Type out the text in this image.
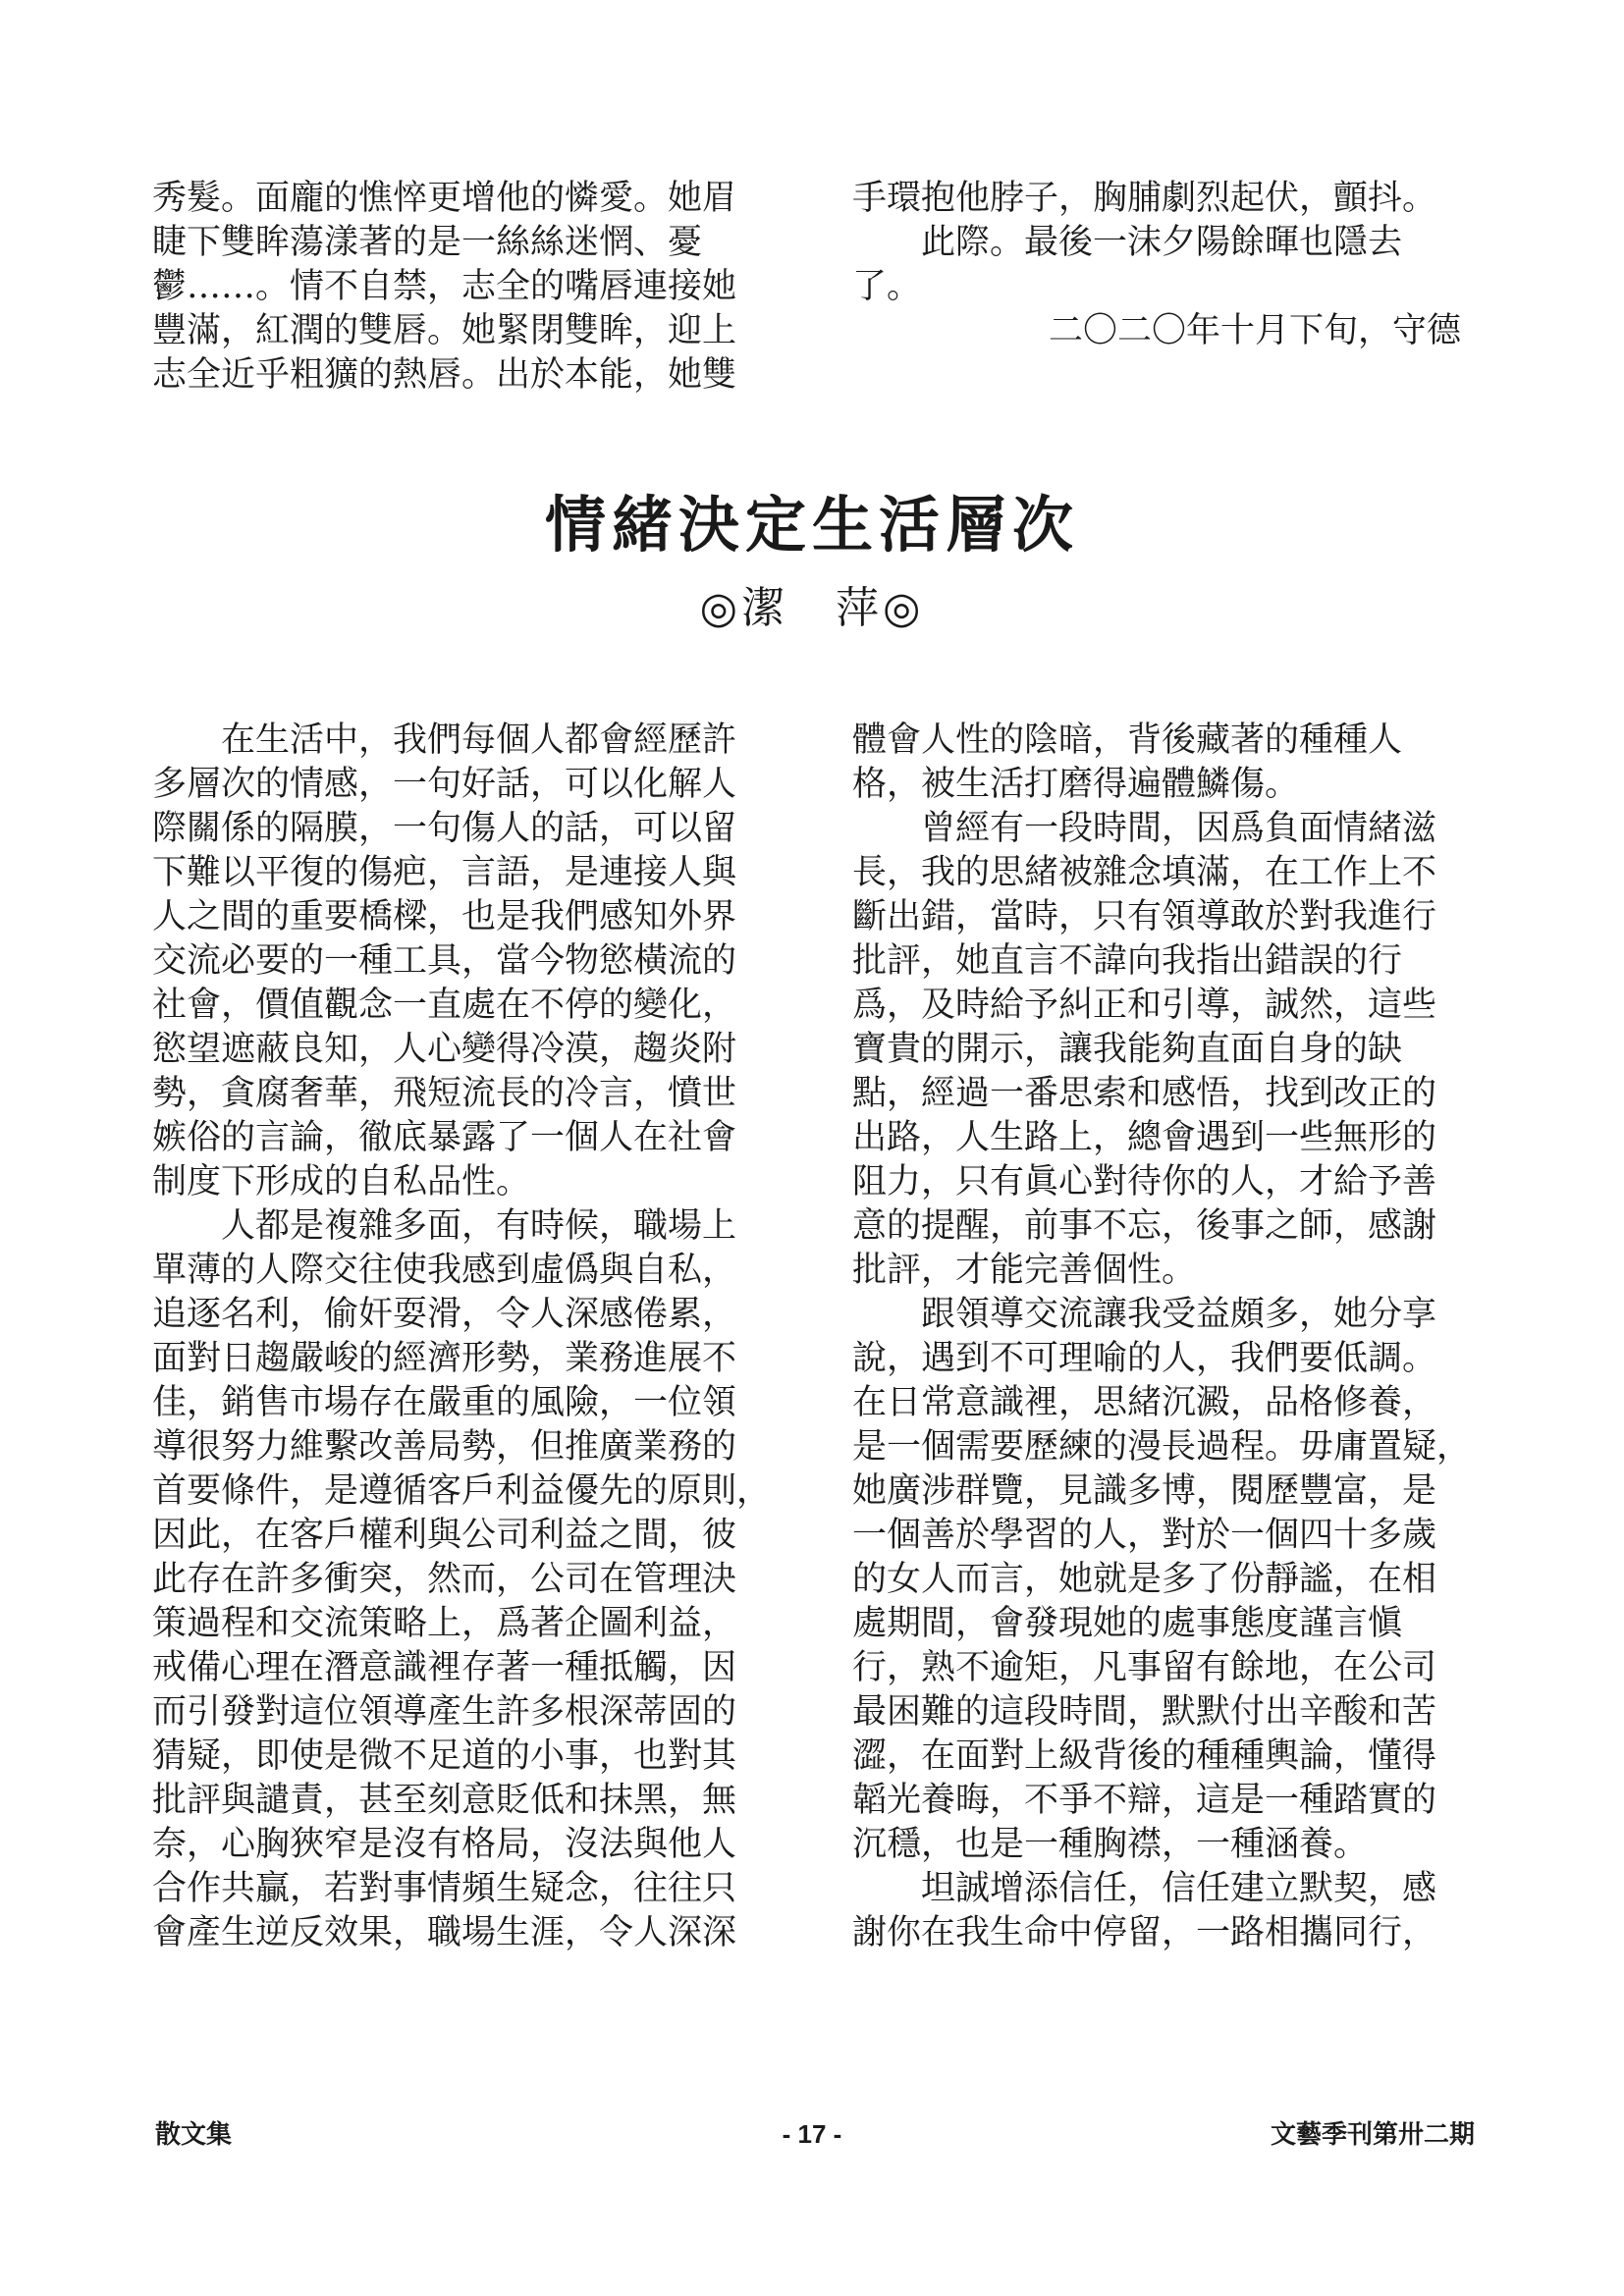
秀髮。面龐的憔悴更增他的憐愛。她眉
睫下雙眸蕩漾著的是一絲絲迷惘、憂
鬱……。情不自禁，志全的嘴唇連接她
豐滿，紅潤的雙唇。她緊閉雙眸，迎上
志全近乎粗獷的熱唇。出於本能，她雙
手環抱他脖子，胸脯劇烈起伏，顫抖。
此際。最後一沫夕陽餘暉也隱去
了。
二〇二〇年十月下旬，守德
情緒決定生活層次
◎潔　萍◎
在生活中，我們每個人都會經歷許
多層次的情感，一句好話，可以化解人
際關係的隔膜，一句傷人的話，可以留
下難以平復的傷疤，言語，是連接人與
人之間的重要橋樑，也是我們感知外界
交流必要的一種工具，當今物慾橫流的
社會，價值觀念一直處在不停的變化，
慾望遮蔽良知，人心變得冷漠，趨炎附
勢，貪腐奢華，飛短流長的冷言，憤世
嫉俗的言論，徹底暴露了一個人在社會
制度下形成的自私品性。
人都是複雜多面，有時候，職場上
單薄的人際交往使我感到虛僞與自私，
追逐名利，偷奸耍滑，令人深感倦累，
面對日趨嚴峻的經濟形勢，業務進展不
佳，銷售市場存在嚴重的風險，一位領
導很努力維繫改善局勢，但推廣業務的
首要條件，是遵循客戶利益優先的原則，
因此，在客戶權利與公司利益之間，彼
此存在許多衝突，然而，公司在管理決
策過程和交流策略上，爲著企圖利益，
戒備心理在潛意識裡存著一種抵觸，因
而引發對這位領導產生許多根深蒂固的
猜疑，即使是微不足道的小事，也對其
批評與譴責，甚至刻意貶低和抹黑，無
奈，心胸狹窄是沒有格局，沒法與他人
合作共贏，若對事情頻生疑念，往往只
會產生逆反效果，職場生涯，令人深深
體會人性的陰暗，背後藏著的種種人
格，被生活打磨得遍體鱗傷。
曾經有一段時間，因爲負面情緒滋
長，我的思緒被雜念填滿，在工作上不
斷出錯，當時，只有領導敢於對我進行
批評，她直言不諱向我指出錯誤的行
爲，及時給予糾正和引導，誠然，這些
寶貴的開示，讓我能夠直面自身的缺
點，經過一番思索和感悟，找到改正的
出路，人生路上，總會遇到一些無形的
阻力，只有眞心對待你的人，才給予善
意的提醒，前事不忘，後事之師，感謝
批評，才能完善個性。
跟領導交流讓我受益頗多，她分享
說，遇到不可理喻的人，我們要低調。
在日常意識裡，思緒沉澱，品格修養，
是一個需要歷練的漫長過程。毋庸置疑，
她廣涉群覽，見識多博，閱歷豐富，是
一個善於學習的人，對於一個四十多歲
的女人而言，她就是多了份靜謐，在相
處期間，會發現她的處事態度謹言愼
行，熟不逾矩，凡事留有餘地，在公司
最困難的這段時間，默默付出辛酸和苦
澀，在面對上級背後的種種輿論，懂得
韜光養晦，不爭不辯，這是一種踏實的
沉穩，也是一種胸襟，一種涵養。
坦誠增添信任，信任建立默契，感
謝你在我生命中停留，一路相攜同行，
散文集	- 17 -	文藝季刊第卅二期
